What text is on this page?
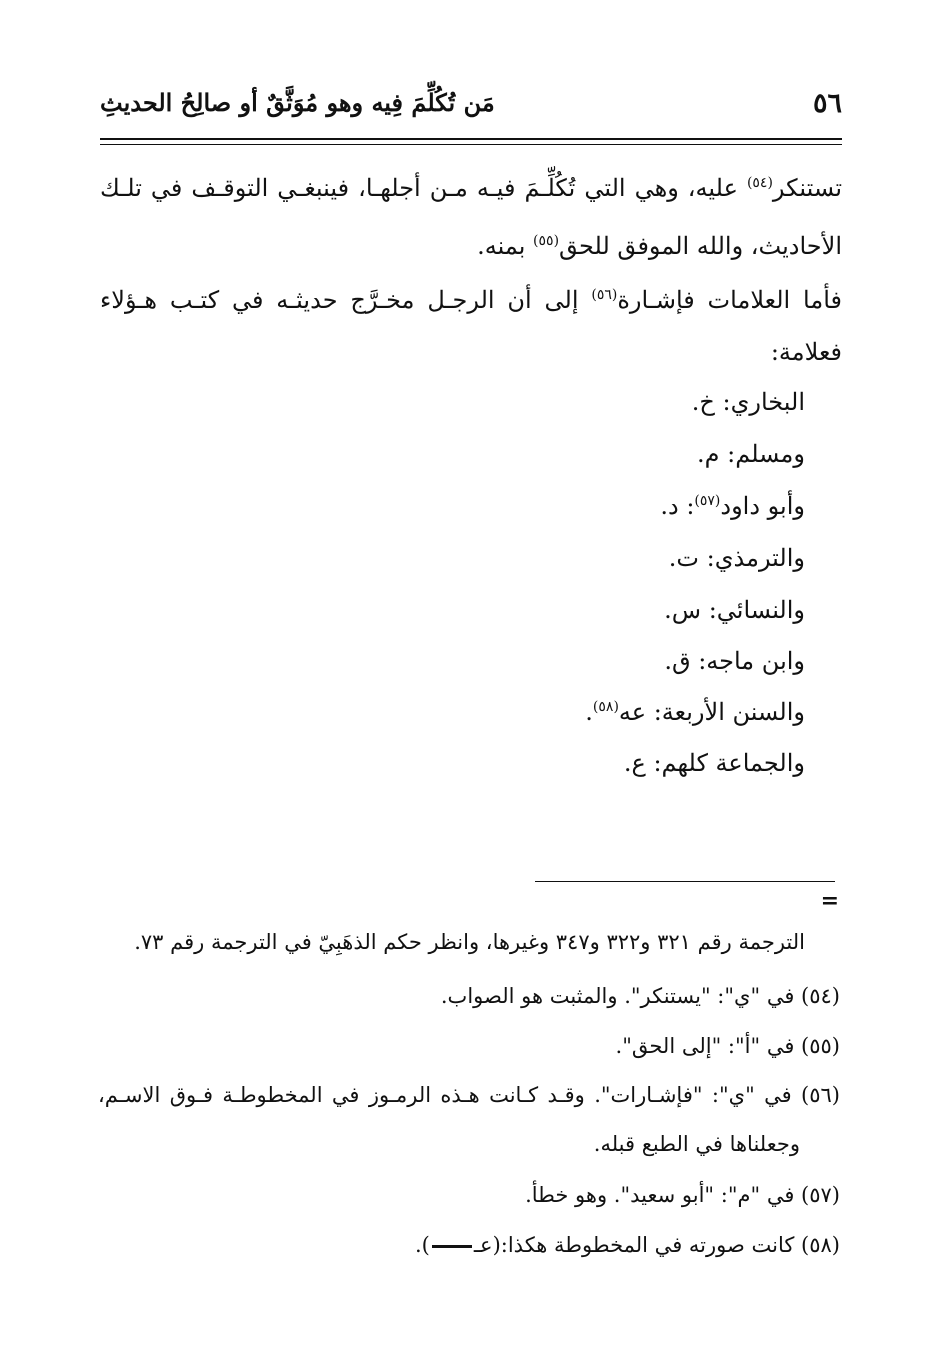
٥٦
مَن تُكُلِّمَ فِيه وهو مُوَثَّقٌ أو صالِحُ الحديثِ
تستنكر$^{(٥٤)}$ عليه، وهي التي تُكُلِّـمَ فيـه مـن أجلهـا، فينبغـي التوقـف في تلـك
الأحاديث، والله الموفق للحق$^{(٥٥)}$ بمنه.
فأما العلامات فإشـارة$^{(٥٦)}$ إلى أن الرجـل مخـرَّج حديثـه في كتـب هـؤلاء
فعلامة:
البخاري: خ.
ومسلم: م.
وأبو داود$^{(٥٧)}$: د.
والترمذي: ت.
والنسائي: س.
وابن ماجه: ق.
والسنن الأربعة: عه$^{(٥٨)}$.
والجماعة كلهم: ع.
=
الترجمة رقم ٣٢١ و٣٢٢ و٣٤٧ وغيرها، وانظر حكم الذهَبِيّ في الترجمة رقم ٧٣.
(٥٤) في "ي": "يستنكر". والمثبت هو الصواب.
(٥٥) في "أ": "إلى الحق".
(٥٦) في "ي": "فإشـارات". وقـد كـانت هـذه الرمـوز في المخطوطـة فـوق الاسـم،
وجعلناها في الطبع قبله.
(٥٧) في "م": "أبو سعيد". وهو خطأ.
(٥٨) كانت صورته في المخطوطة هكذا:(عـ).
